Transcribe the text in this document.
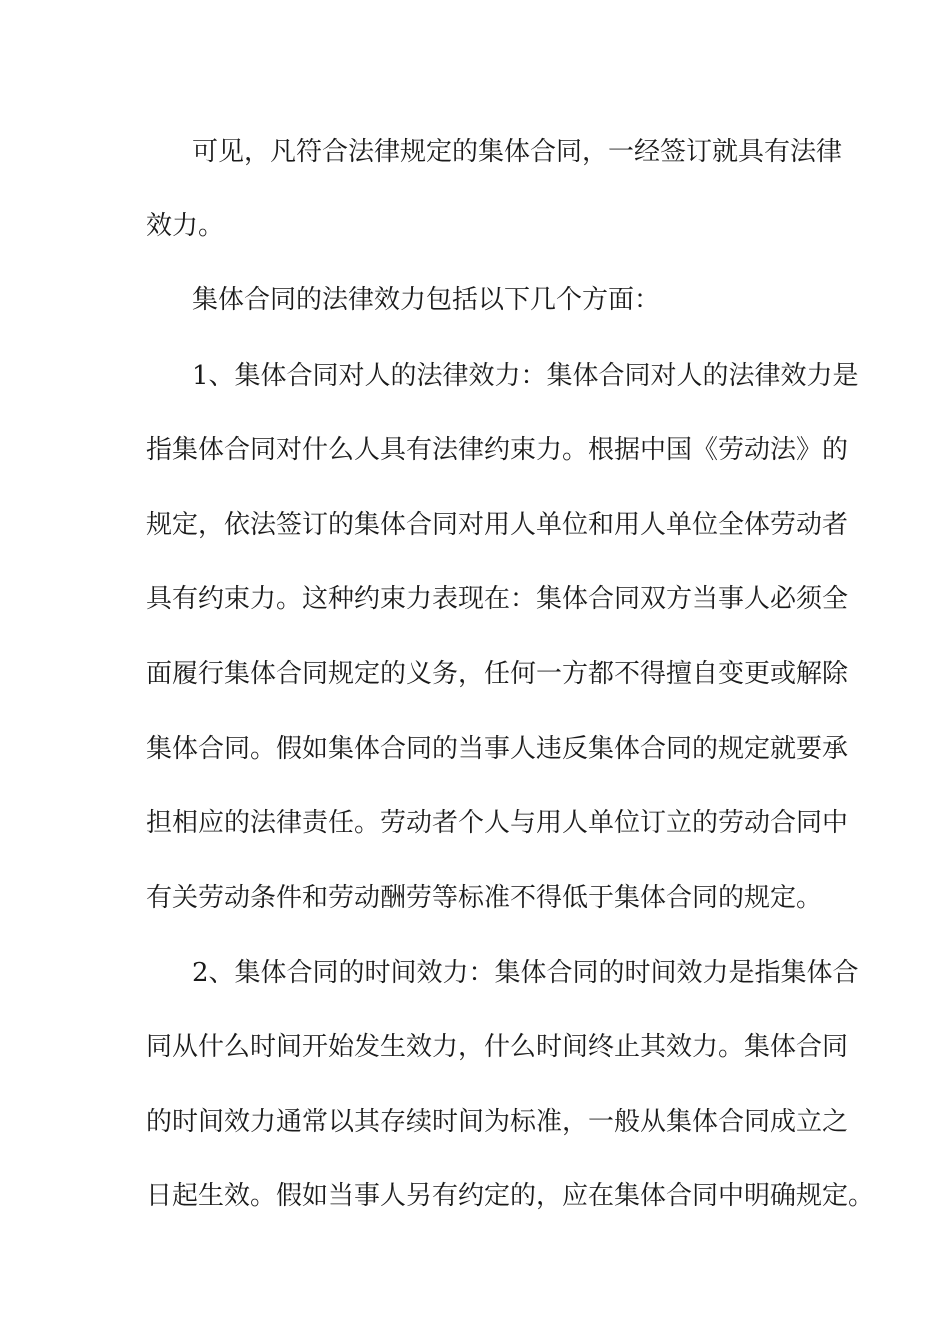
可见，凡符合法律规定的集体合同，一经签订就具有法律
效力。
集体合同的法律效力包括以下几个方面：
1、集体合同对人的法律效力：集体合同对人的法律效力是
指集体合同对什么人具有法律约束力。根据中国《劳动法》的
规定，依法签订的集体合同对用人单位和用人单位全体劳动者
具有约束力。这种约束力表现在：集体合同双方当事人必须全
面履行集体合同规定的义务，任何一方都不得擅自变更或解除
集体合同。假如集体合同的当事人违反集体合同的规定就要承
担相应的法律责任。劳动者个人与用人单位订立的劳动合同中
有关劳动条件和劳动酬劳等标准不得低于集体合同的规定。
2、集体合同的时间效力：集体合同的时间效力是指集体合
同从什么时间开始发生效力，什么时间终止其效力。集体合同
的时间效力通常以其存续时间为标准，一般从集体合同成立之
日起生效。假如当事人另有约定的，应在集体合同中明确规定。
